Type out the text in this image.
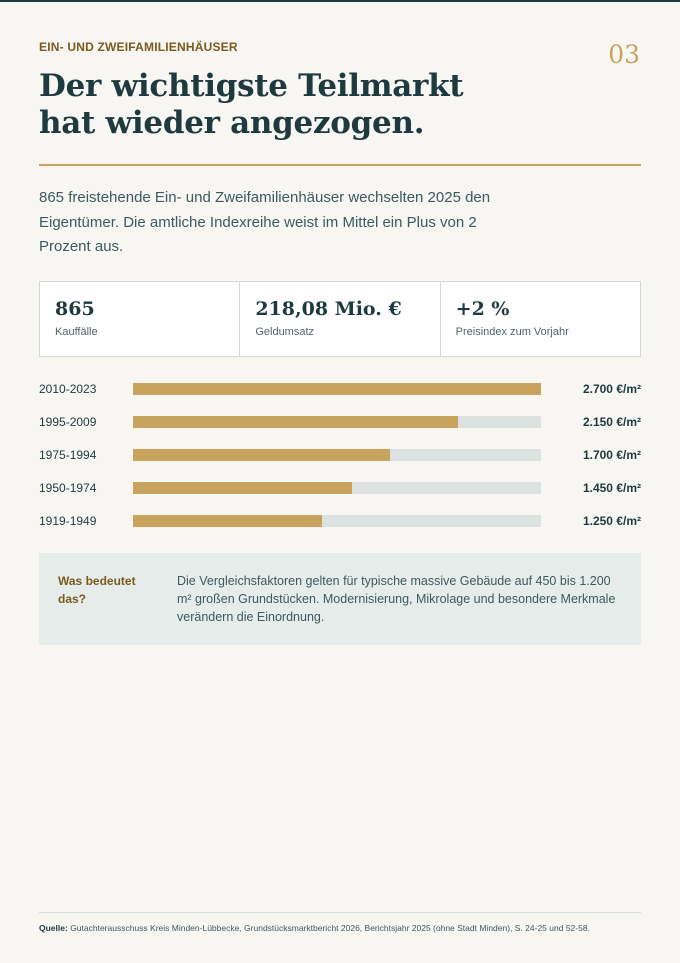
EIN- UND ZWEIFAMILIENHÄUSER	03
Der wichtigste Teilmarkt
hat wieder angezogen.

865 freistehende Ein- und Zweifamilienhäuser wechselten 2025 den Eigentümer. Die amtliche Indexreihe weist im Mittel ein Plus von 2 Prozent aus.

865
Kauffälle
218,08 Mio. €
Geldumsatz
+2 %
Preisindex zum Vorjahr
2010-2023	2.700 €/m²
1995-2009	2.150 €/m²
1975-1994	1.700 €/m²
1950-1974	1.450 €/m²
1919-1949	1.250 €/m²
Was bedeutet das?

Die Vergleichsfaktoren gelten für typische massive Gebäude auf 450 bis 1.200 m² großen Grundstücken. Modernisierung, Mikrolage und besondere Merkmale verändern die Einordnung.

Quelle: Gutachterausschuss Kreis Minden-Lübbecke, Grundstücksmarktbericht 2026, Berichtsjahr 2025 (ohne Stadt Minden), S. 24-25 und 52-58.
